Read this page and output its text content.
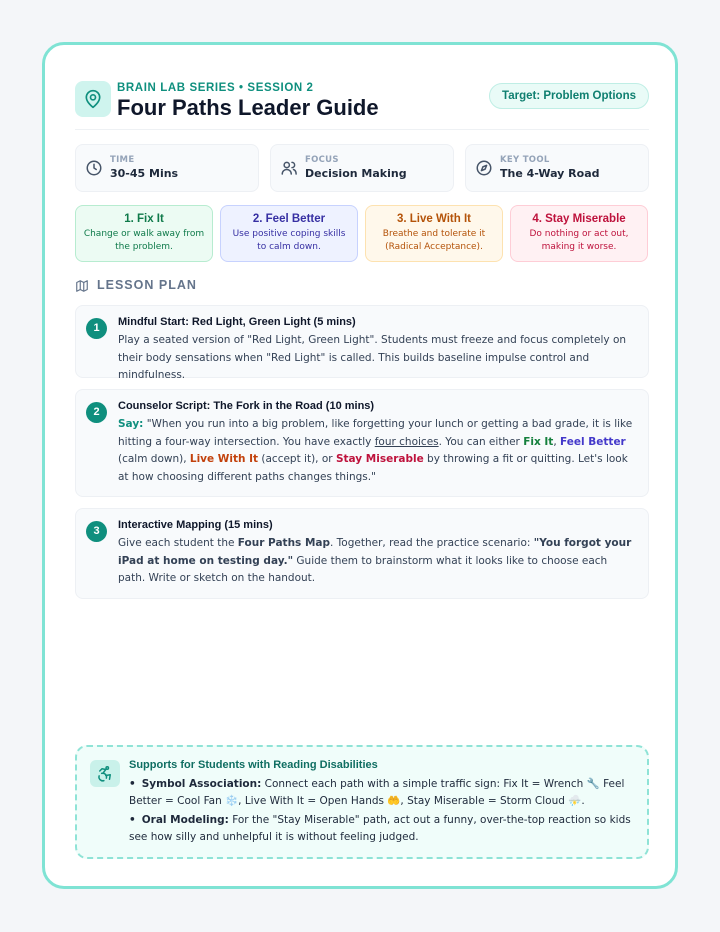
BRAIN LAB SERIES • SESSION 2
Four Paths Leader Guide	Target: Problem Options
TIME
30-45 Mins
FOCUS
Decision Making
KEY TOOL
The 4-Way Road
1. Fix It
Change or walk away from the problem.
2. Feel Better
Use positive coping skills to calm down.
3. Live With It
Breathe and tolerate it (Radical Acceptance).
4. Stay Miserable
Do nothing or act out, making it worse.
LESSON PLAN
1	Mindful Start: Red Light, Green Light (5 mins)
Play a seated version of "Red Light, Green Light". Students must freeze and focus completely on their body sensations when "Red Light" is called. This builds baseline impulse control and mindfulness.
2	Counselor Script: The Fork in the Road (10 mins)
Say: "When you run into a big problem, like forgetting your lunch or getting a bad grade, it is like hitting a four-way intersection. You have exactly four choices. You can either Fix It, Feel Better (calm down), Live With It (accept it), or Stay Miserable by throwing a fit or quitting. Let's look at how choosing different paths changes things."
3	Interactive Mapping (15 mins)
Give each student the Four Paths Map. Together, read the practice scenario: "You forgot your iPad at home on testing day." Guide them to brainstorm what it looks like to choose each path. Write or sketch on the handout.
Supports for Students with Reading Disabilities
• Symbol Association: Connect each path with a simple traffic sign: Fix It = Wrench 🔧 Feel Better = Cool Fan ❄️, Live With It = Open Hands 🤲, Stay Miserable = Storm Cloud ⛈️.
• Oral Modeling: For the "Stay Miserable" path, act out a funny, over-the-top reaction so kids see how silly and unhelpful it is without feeling judged.
